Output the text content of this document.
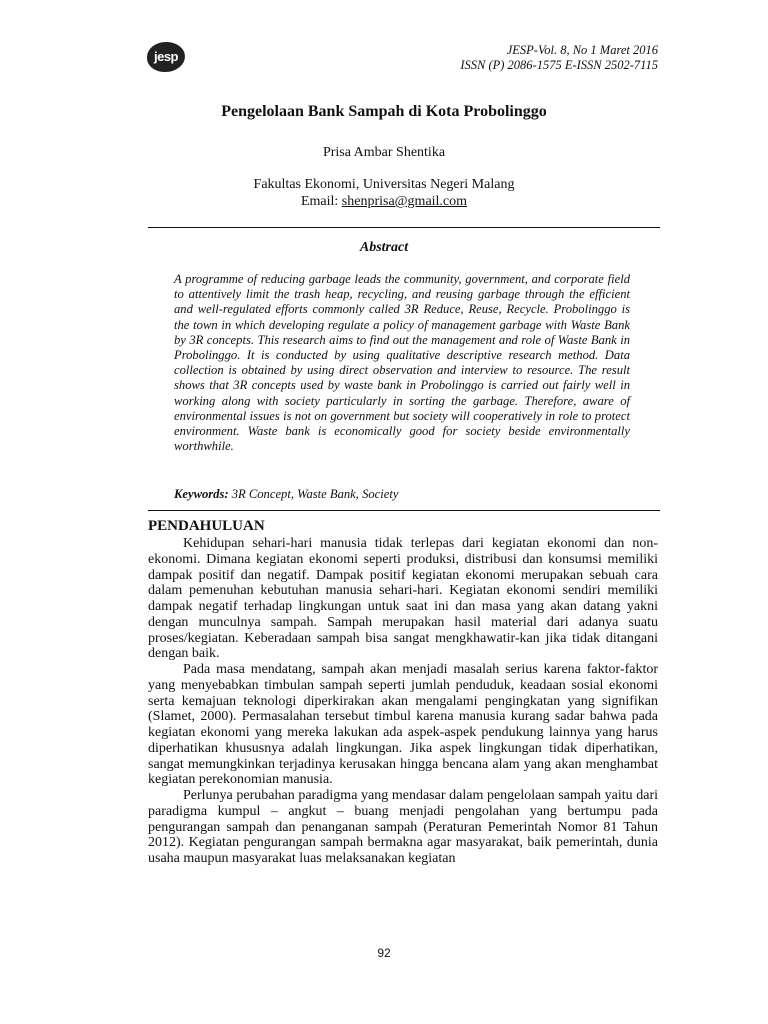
jesp	JESP-Vol. 8, No 1 Maret 2016
ISSN (P) 2086-1575 E-ISSN 2502-7115
Pengelolaan Bank Sampah di Kota Probolinggo
Prisa Ambar Shentika
Fakultas Ekonomi, Universitas Negeri Malang
Email: shenprisa@gmail.com
Abstract
A programme of reducing garbage leads the community, government, and corporate field to attentively limit the trash heap, recycling, and reusing garbage through the efficient and well-regulated efforts commonly called 3R Reduce, Reuse, Recycle. Probolinggo is the town in which developing regulate a policy of management garbage with Waste Bank by 3R concepts. This research aims to find out the management and role of Waste Bank in Probolinggo. It is conducted by using qualitative descriptive research method. Data collection is obtained by using direct observation and interview to resource. The result shows that 3R concepts used by waste bank in Probolinggo is carried out fairly well in working along with society particularly in sorting the garbage. Therefore, aware of environmental issues is not on government but society will cooperatively in role to protect environment. Waste bank is economically good for society beside environmentally worthwhile.
Keywords: 3R Concept, Waste Bank, Society
PENDAHULUAN

Kehidupan sehari-hari manusia tidak terlepas dari kegiatan ekonomi dan non-ekonomi. Dimana kegiatan ekonomi seperti produksi, distribusi dan konsumsi memiliki dampak positif dan negatif. Dampak positif kegiatan ekonomi merupakan sebuah cara dalam pemenuhan kebutuhan manusia sehari-hari. Kegiatan ekonomi sendiri memiliki dampak negatif terhadap lingkungan untuk saat ini dan masa yang akan datang yakni dengan munculnya sampah. Sampah merupakan hasil material dari adanya suatu proses/kegiatan. Keberadaan sampah bisa sangat mengkhawatir-kan jika tidak ditangani dengan baik.

Pada masa mendatang, sampah akan menjadi masalah serius karena faktor-faktor yang menyebabkan timbulan sampah seperti jumlah penduduk, keadaan sosial ekonomi serta kemajuan teknologi diperkirakan akan mengalami pengingkatan yang signifikan (Slamet, 2000). Permasalahan tersebut timbul karena manusia kurang sadar bahwa pada kegiatan ekonomi yang mereka lakukan ada aspek-aspek pendukung lainnya yang harus diperhatikan khususnya adalah lingkungan. Jika aspek lingkungan tidak diperhatikan, sangat memungkinkan terjadinya kerusakan hingga bencana alam yang akan menghambat kegiatan perekonomian manusia.

Perlunya perubahan paradigma yang mendasar dalam pengelolaan sampah yaitu dari paradigma kumpul – angkut – buang menjadi pengolahan yang bertumpu pada pengurangan sampah dan penanganan sampah (Peraturan Pemerintah Nomor 81 Tahun 2012). Kegiatan pengurangan sampah bermakna agar masyarakat, baik pemerintah, dunia usaha maupun masyarakat luas melaksanakan kegiatan

92
